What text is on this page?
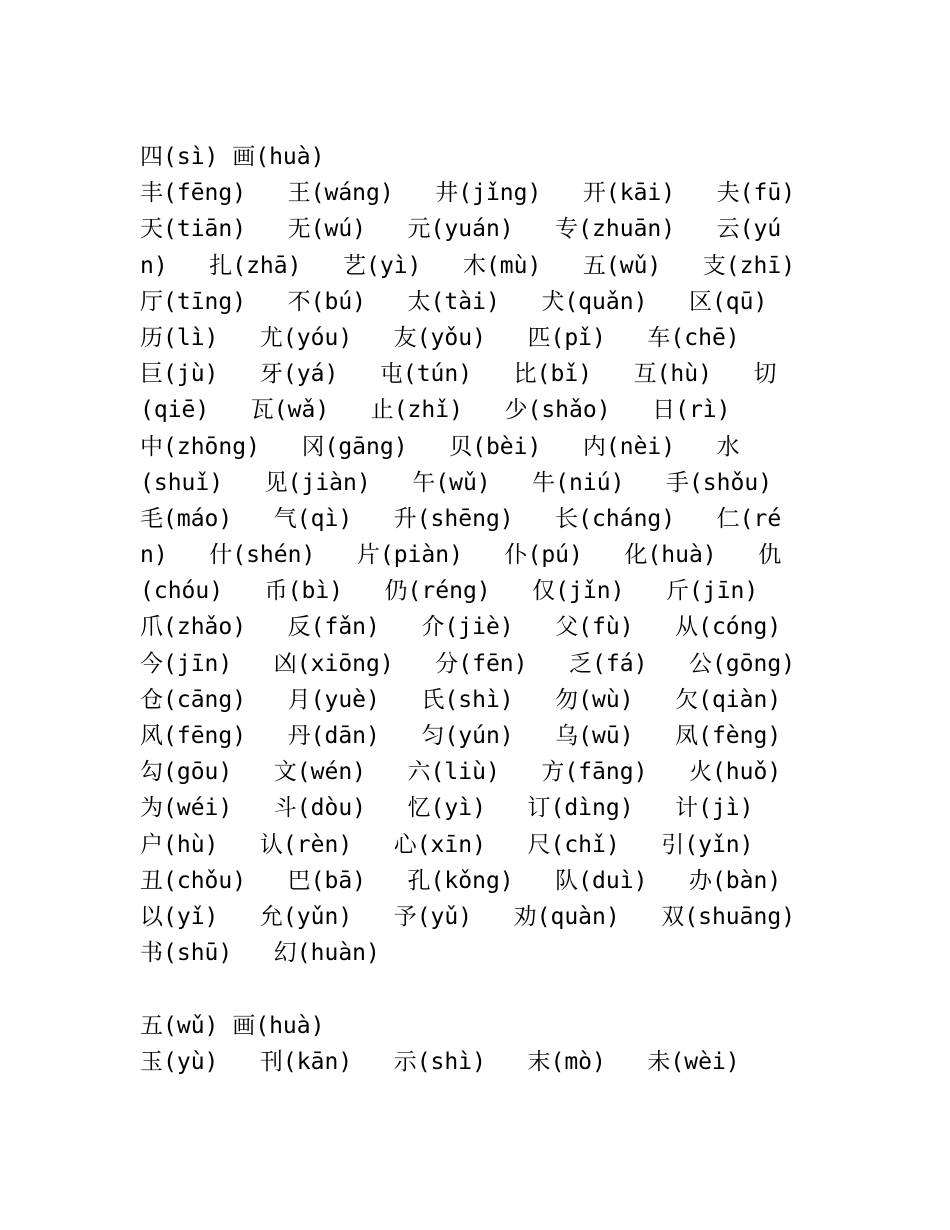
四(sì) 画(huà)
丰(fēng)   王(wáng)   井(jǐng)   开(kāi)   夫(fū)
天(tiān)   无(wú)   元(yuán)   专(zhuān)   云(yú
n)   扎(zhā)   艺(yì)   木(mù)   五(wǔ)   支(zhī)
厅(tīng)   不(bú)   太(tài)   犬(quǎn)   区(qū)
历(lì)   尤(yóu)   友(yǒu)   匹(pǐ)   车(chē)
巨(jù)   牙(yá)   屯(tún)   比(bǐ)   互(hù)   切
(qiē)   瓦(wǎ)   止(zhǐ)   少(shǎo)   日(rì)
中(zhōng)   冈(gāng)   贝(bèi)   内(nèi)   水
(shuǐ)   见(jiàn)   午(wǔ)   牛(niú)   手(shǒu)
毛(máo)   气(qì)   升(shēng)   长(cháng)   仁(ré
n)   什(shén)   片(piàn)   仆(pú)   化(huà)   仇
(chóu)   币(bì)   仍(réng)   仅(jǐn)   斤(jīn)
爪(zhǎo)   反(fǎn)   介(jiè)   父(fù)   从(cóng)
今(jīn)   凶(xiōng)   分(fēn)   乏(fá)   公(gōng)
仓(cāng)   月(yuè)   氏(shì)   勿(wù)   欠(qiàn)
风(fēng)   丹(dān)   匀(yún)   乌(wū)   凤(fèng)
勾(gōu)   文(wén)   六(liù)   方(fāng)   火(huǒ)
为(wéi)   斗(dòu)   忆(yì)   订(dìng)   计(jì)
户(hù)   认(rèn)   心(xīn)   尺(chǐ)   引(yǐn)
丑(chǒu)   巴(bā)   孔(kǒng)   队(duì)   办(bàn)
以(yǐ)   允(yǔn)   予(yǔ)   劝(quàn)   双(shuāng)
书(shū)   幻(huàn)
五(wǔ) 画(huà)
玉(yù)   刊(kān)   示(shì)   末(mò)   未(wèi)
